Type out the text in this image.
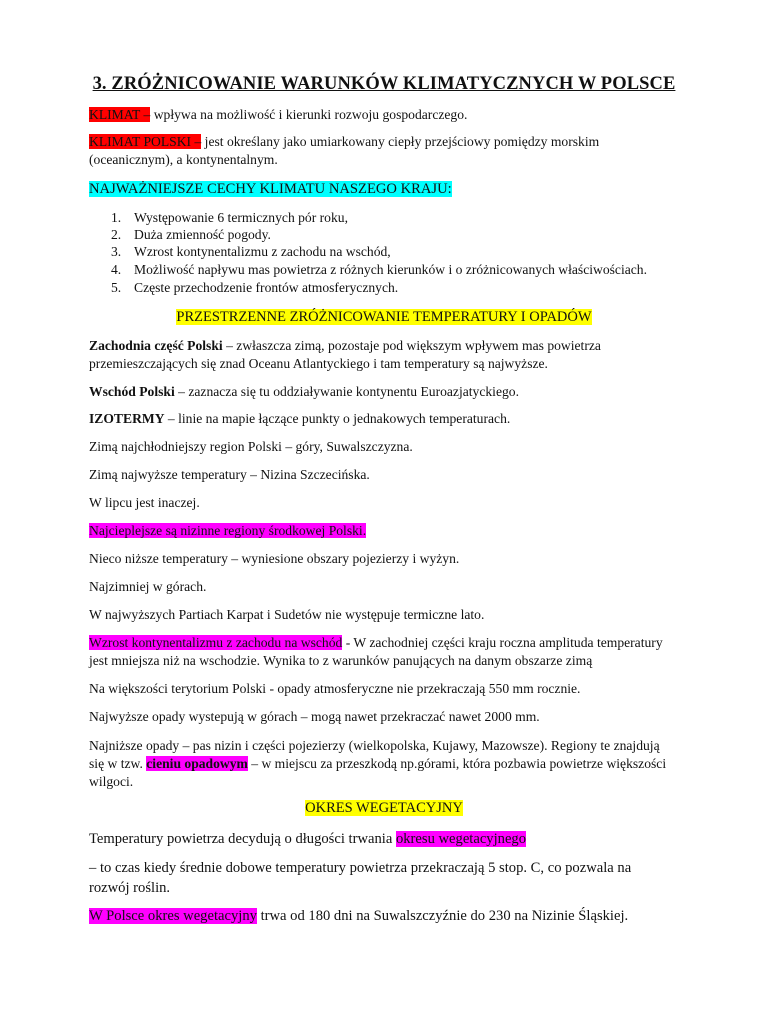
3. ZRÓŻNICOWANIE WARUNKÓW KLIMATYCZNYCH W POLSCE
KLIMAT – wpływa na możliwość i kierunki rozwoju gospodarczego.
KLIMAT POLSKI – jest określany jako umiarkowany ciepły przejściowy pomiędzy morskim
(oceanicznym), a kontynentalnym.
NAJWAŻNIEJSZE CECHY KLIMATU NASZEGO KRAJU:
1. Występowanie 6 termicznych pór roku,
2. Duża zmienność pogody.
3. Wzrost kontynentalizmu z zachodu na wschód,
4. Możliwość napływu mas powietrza z różnych kierunków i o zróżnicowanych właściwościach.
5. Częste przechodzenie frontów atmosferycznych.
PRZESTRZENNE ZRÓŻNICOWANIE TEMPERATURY I OPADÓW
Zachodnia część Polski – zwłaszcza zimą, pozostaje pod większym wpływem mas powietrza
przemieszczających się znad Oceanu Atlantyckiego i tam temperatury są najwyższe.
Wschód Polski – zaznacza się tu oddziaływanie kontynentu Euroazjatyckiego.
IZOTERMY – linie na mapie łączące punkty o jednakowych temperaturach.
Zimą najchłodniejszy region Polski – góry, Suwalszczyzna.
Zimą najwyższe temperatury – Nizina Szczecińska.
W lipcu jest inaczej.
Najcieplejsze są nizinne regiony środkowej Polski.
Nieco niższe temperatury – wyniesione obszary pojezierzy i wyżyn.
Najzimniej w górach.
W najwyższych Partiach Karpat i Sudetów nie występuje termiczne lato.
Wzrost kontynentalizmu z zachodu na wschód - W zachodniej części kraju roczna amplituda temperatury
jest mniejsza niż na wschodzie. Wynika to z warunków panujących na danym obszarze zimą
Na większości terytorium Polski - opady atmosferyczne nie przekraczają 550 mm rocznie.
Najwyższe opady wystepują w górach – mogą nawet przekraczać nawet 2000 mm.
Najniższe opady – pas nizin i części pojezierzy (wielkopolska, Kujawy, Mazowsze). Regiony te znajdują
się w tzw. cieniu opadowym – w miejscu za przeszkodą np.górami, która pozbawia powietrze większości
wilgoci.
OKRES WEGETACYJNY
Temperatury powietrza decydują o długości trwania okresu wegetacyjnego
– to czas kiedy średnie dobowe temperatury powietrza przekraczają 5 stop. C, co pozwala na
rozwój roślin.
W Polsce okres wegetacyjny trwa od 180 dni na Suwalszczyźnie do 230 na Nizinie Śląskiej.
